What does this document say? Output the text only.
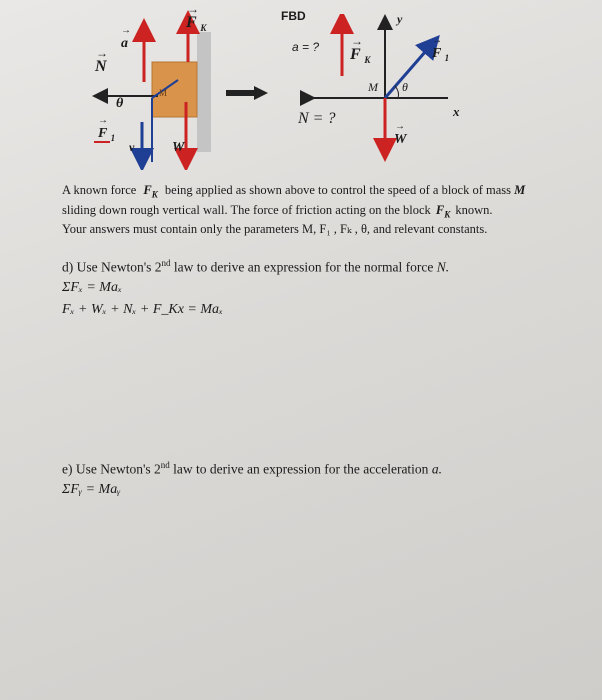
→
N
→
a
→
F $_K$
θ
→
F $_1$
v	W
M
FBD
a = ?	→
F $_K$
y
→
F $_1$
M θ
x
N = ?	→
W
A known force $F_K$ being applied as shown above to control the speed of a block of mass M
sliding down rough vertical wall. The force of friction acting on the block $F_K$ known.
Your answers must contain only the parameters M, F₁ , Fₖ , θ, and relevant constants.
d) Use Newton's 2nd law to derive an expression for the normal force N.
ΣFₓ = Maₓ
Fₓ + Wₓ + Nₓ + F_Kx = Maₓ
e) Use Newton's 2nd law to derive an expression for the acceleration a.
ΣFᵧ = Maᵧ
